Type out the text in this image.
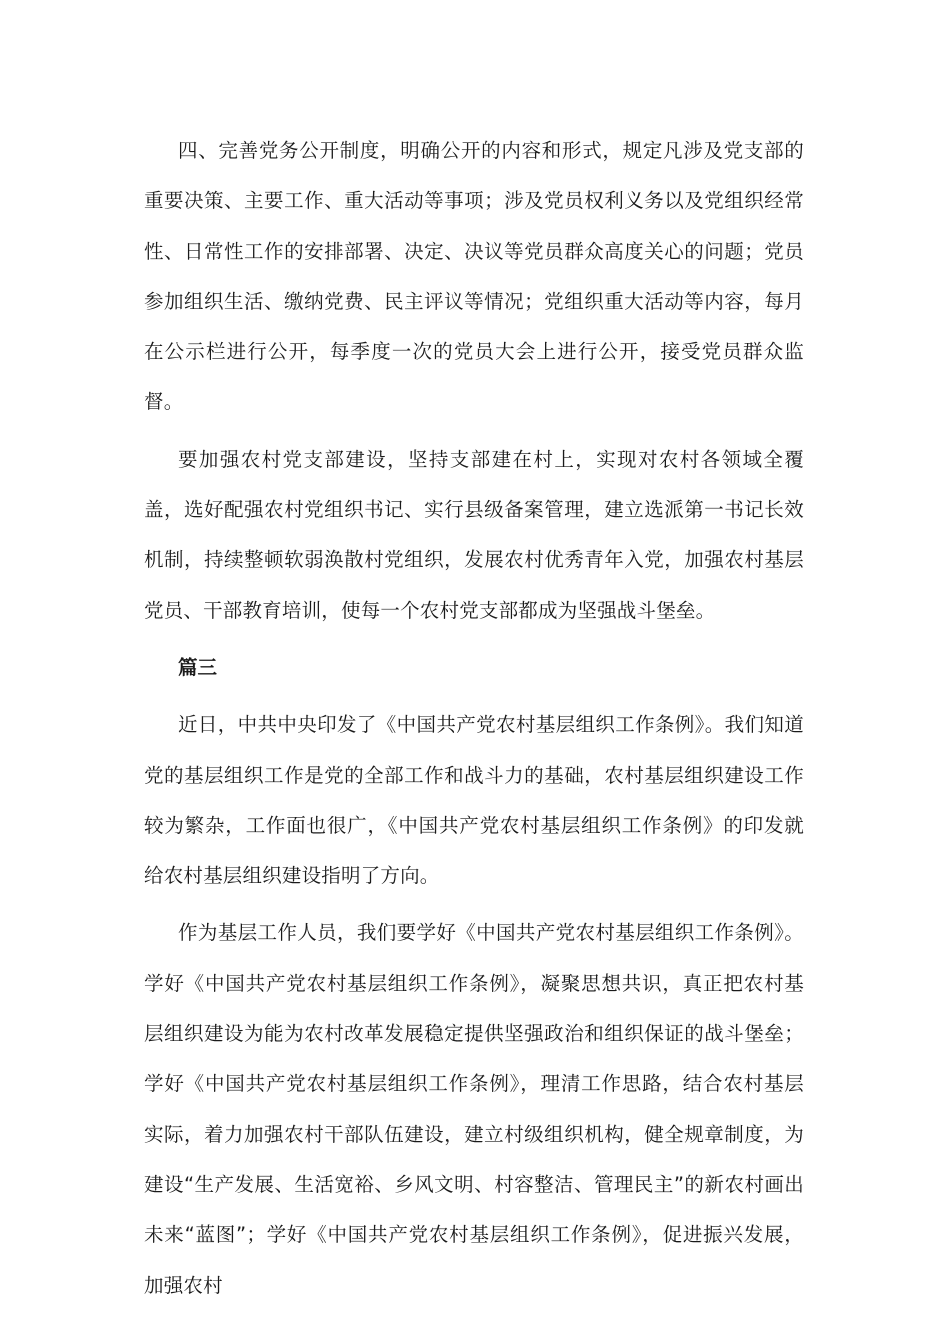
四、完善党务公开制度，明确公开的内容和形式，规定凡涉及党支部的重要决策、主要工作、重大活动等事项；涉及党员权利义务以及党组织经常性、日常性工作的安排部署、决定、决议等党员群众高度关心的问题；党员参加组织生活、缴纳党费、民主评议等情况；党组织重大活动等内容，每月在公示栏进行公开，每季度一次的党员大会上进行公开，接受党员群众监督。

要加强农村党支部建设，坚持支部建在村上，实现对农村各领域全覆盖，选好配强农村党组织书记、实行县级备案管理，建立选派第一书记长效机制，持续整顿软弱涣散村党组织，发展农村优秀青年入党，加强农村基层党员、干部教育培训，使每一个农村党支部都成为坚强战斗堡垒。

篇三

近日，中共中央印发了《中国共产党农村基层组织工作条例》。我们知道党的基层组织工作是党的全部工作和战斗力的基础，农村基层组织建设工作较为繁杂，工作面也很广，《中国共产党农村基层组织工作条例》的印发就给农村基层组织建设指明了方向。

作为基层工作人员，我们要学好《中国共产党农村基层组织工作条例》。学好《中国共产党农村基层组织工作条例》，凝聚思想共识，真正把农村基层组织建设为能为农村改革发展稳定提供坚强政治和组织保证的战斗堡垒；学好《中国共产党农村基层组织工作条例》，理清工作思路，结合农村基层实际，着力加强农村干部队伍建设，建立村级组织机构，健全规章制度，为建设“生产发展、生活宽裕、乡风文明、村容整洁、管理民主”的新农村画出未来“蓝图”；学好《中国共产党农村基层组织工作条例》，促进振兴发展，加强农村
